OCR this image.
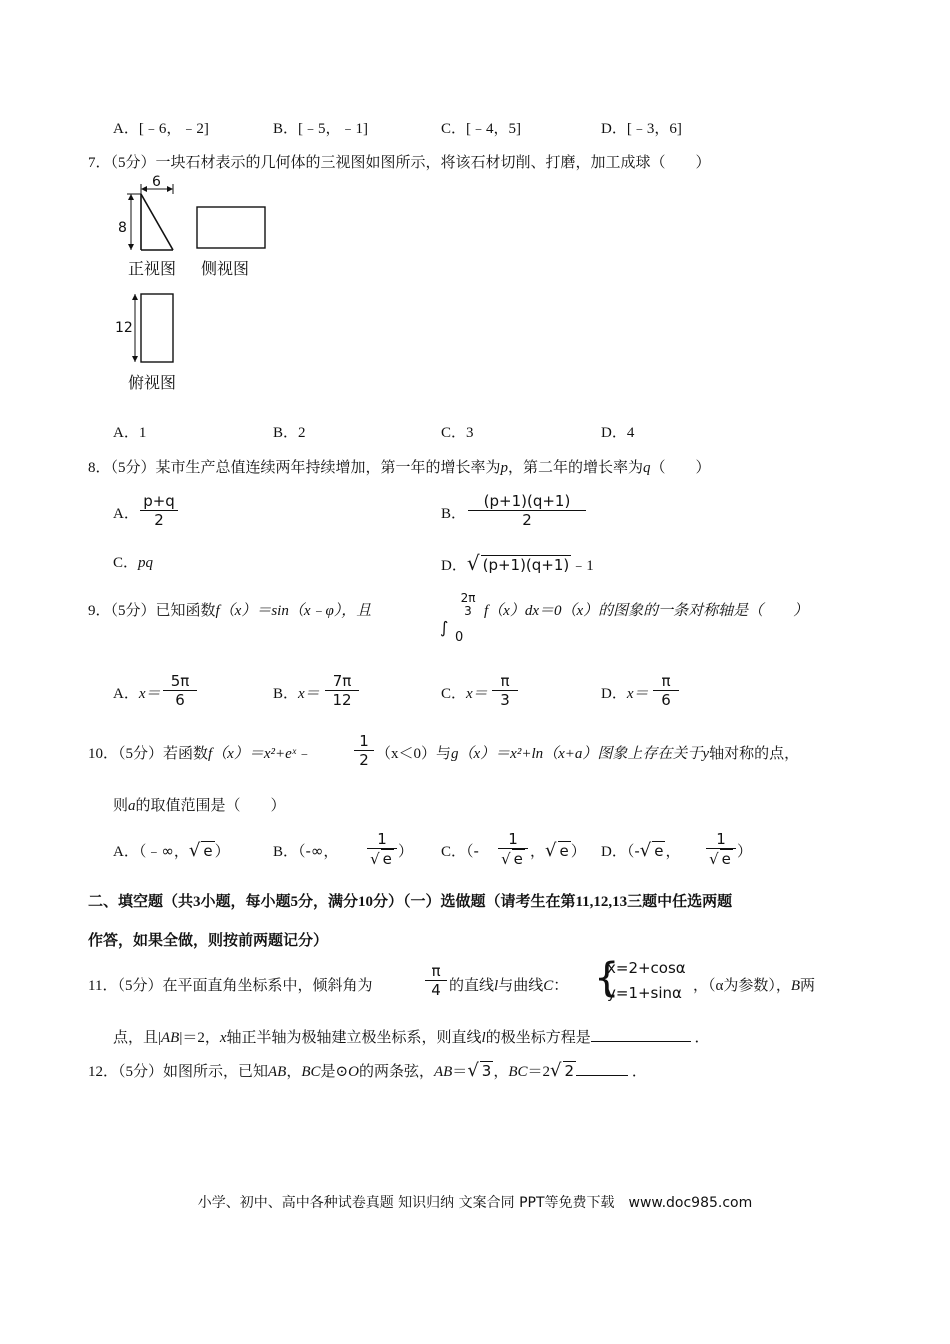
A．[﹣6，﹣2]	B．[﹣5，﹣1]	C．[﹣4，5]	D．[﹣3，6]
7．（5分）一块石材表示的几何体的三视图如图所示，将该石材切削、打磨，加工成球（　　）
6
8
12
正视图 侧视图
俯视图
A．1	B．2	C．3	D．4
8．（5分）某市生产总值连续两年持续增加，第一年的增长率为p，第二年的增长率为q（　　）
A．
p+q
2	B．
(p+1)(q+1)
2
C．pq	D．√ (p+1)(q+1) ﹣1
9．（5分）已知函数f（x）＝sin（x﹣φ），且
2π
3
∫
0
f（x）dx＝0（x）的图象的一条对称轴是（　　）
A．x＝
5π
6	B．x＝
7π
12	C．x＝
π
3	D．x＝
π
6
10．（5分）若函数f（x）＝x²+eˣ﹣
1
2 （x＜0）与g（x）＝x²+ln（x+a）图象上存在关于y轴对称的点，
则a的取值范围是（　　）
A．（﹣∞，√ e ）	B．（-∞，
1
√ e ） C．（-
1
√ e ，√ e ） D．（-√ e ，
1
√ e ）
二、填空题（共3小题，每小题5分，满分10分）（一）选做题（请考生在第11,12,13三题中任选两题
作答，如果全做，则按前两题记分）
11．（5分）在平面直角坐标系中，倾斜角为
π
4 的直线l与曲线C： {
x=2+cosα
y=1+sinα ，（α为参数），B两
点，且|AB|＝2，x轴正半轴为极轴建立极坐标系，则直线l的极坐标方程是	．
12．（5分）如图所示，已知AB，BC是⊙O的两条弦，AB＝√ 3 ，BC＝2√ 2	．
小学、初中、高中各种试卷真题 知识归纳 文案合同 PPT等免费下载　www.doc985.com
